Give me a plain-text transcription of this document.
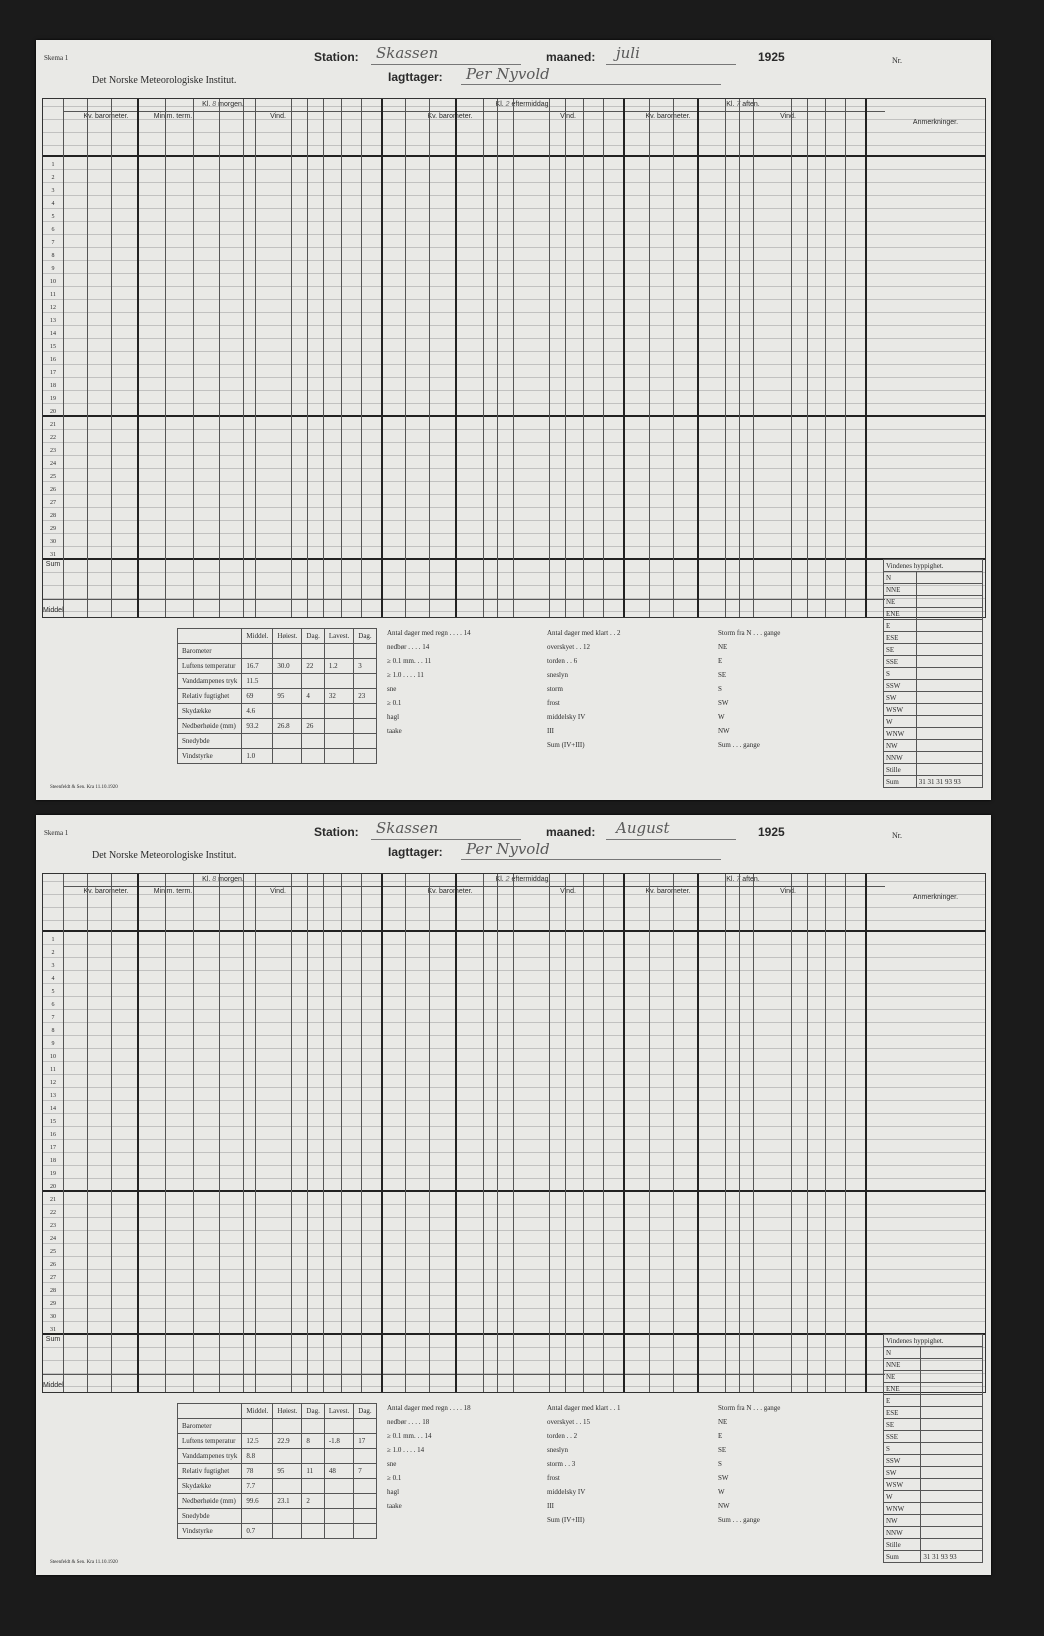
Skema 1
Det Norske Meteorologiske Institut.
Station: Skassen	maaned: juli	1925	Nr.
Iagttager: Per Nyvold
Kl. 8 morgen.	Kl. 2 eftermiddag.	Kl. 7 aften.
Anmerkninger.
Kv. barometer.	Minim. term.	Vind.	Kv. barometer.	Vind.	Kv. barometer.	Vind.
1
2
3
4
5
6
7
8
9
10
11
12
13
14
15
16
17
18
19
20
21
22
23
24
25
26
27
28
29
30
31
Sum
Middel
Vindenes hyppighet.	
N	
NNE	
NE	
ENE	
E	
ESE	
SE	
SSE	
S	
SSW	
SW	
WSW	
W	
WNW	
NW	
NNW	
Stille	
Sum	31 31 31 93 93
	Middel.	Høiest.	Dag.	Lavest.	Dag.
Barometer					
Luftens temperatur	16.7	30.0	22	1.2	3
Vanddampenes tryk	11.5				
Relativ fugtighet	69	95	4	32	23
Skydække	4.6				
Nedbørhøide (mm)	93.2	26.8	26		
Snedybde					
Vindstyrke	1.0				
Antal dager med regn . . . . 14
nedbør . . . . 14
≥ 0.1 mm. . . 11
≥ 1.0 . . . . 11
sne
≥ 0.1
hagl
taake
Antal dager med klart . . 2
overskyet . . 12
torden . . 6
sneslyn
storm
frost
middelsky IV
III
Sum (IV+III)
Storm fra N . . . gange
NE
E
SE
S
SW
W
NW
Sum . . . gange
Steenfeldt & Sen. Kra 11.10.1920
Skema 1
Det Norske Meteorologiske Institut.
Station: Skassen	maaned: August	1925	Nr.
Iagttager: Per Nyvold
Kl. 8 morgen.	Kl. 2 eftermiddag.	Kl. 7 aften.
Anmerkninger.
Kv. barometer.	Minim. term.	Vind.	Kv. barometer.	Vind.	Kv. barometer.	Vind.
1
2
3
4
5
6
7
8
9
10
11
12
13
14
15
16
17
18
19
20
21
22
23
24
25
26
27
28
29
30
31
Sum
Middel
Vindenes hyppighet.	
N	
NNE	
NE	
ENE	
E	
ESE	
SE	
SSE	
S	
SSW	
SW	
WSW	
W	
WNW	
NW	
NNW	
Stille	
Sum	31 31 93 93
	Middel.	Høiest.	Dag.	Lavest.	Dag.
Barometer					
Luftens temperatur	12.5	22.9	8	-1.8	17
Vanddampenes tryk	8.8				
Relativ fugtighet	78	95	11	48	7
Skydække	7.7				
Nedbørhøide (mm)	99.6	23.1	2		
Snedybde					
Vindstyrke	0.7				
Antal dager med regn . . . . 18
nedbør . . . . 18
≥ 0.1 mm. . . 14
≥ 1.0 . . . . 14
sne
≥ 0.1
hagl
taake
Antal dager med klart . . 1
overskyet . . 15
torden . . 2
sneslyn
storm . . 3
frost
middelsky IV
III
Sum (IV+III)
Storm fra N . . . gange
NE
E
SE
S
SW
W
NW
Sum . . . gange
Steenfeldt & Sen. Kra 11.10.1920
